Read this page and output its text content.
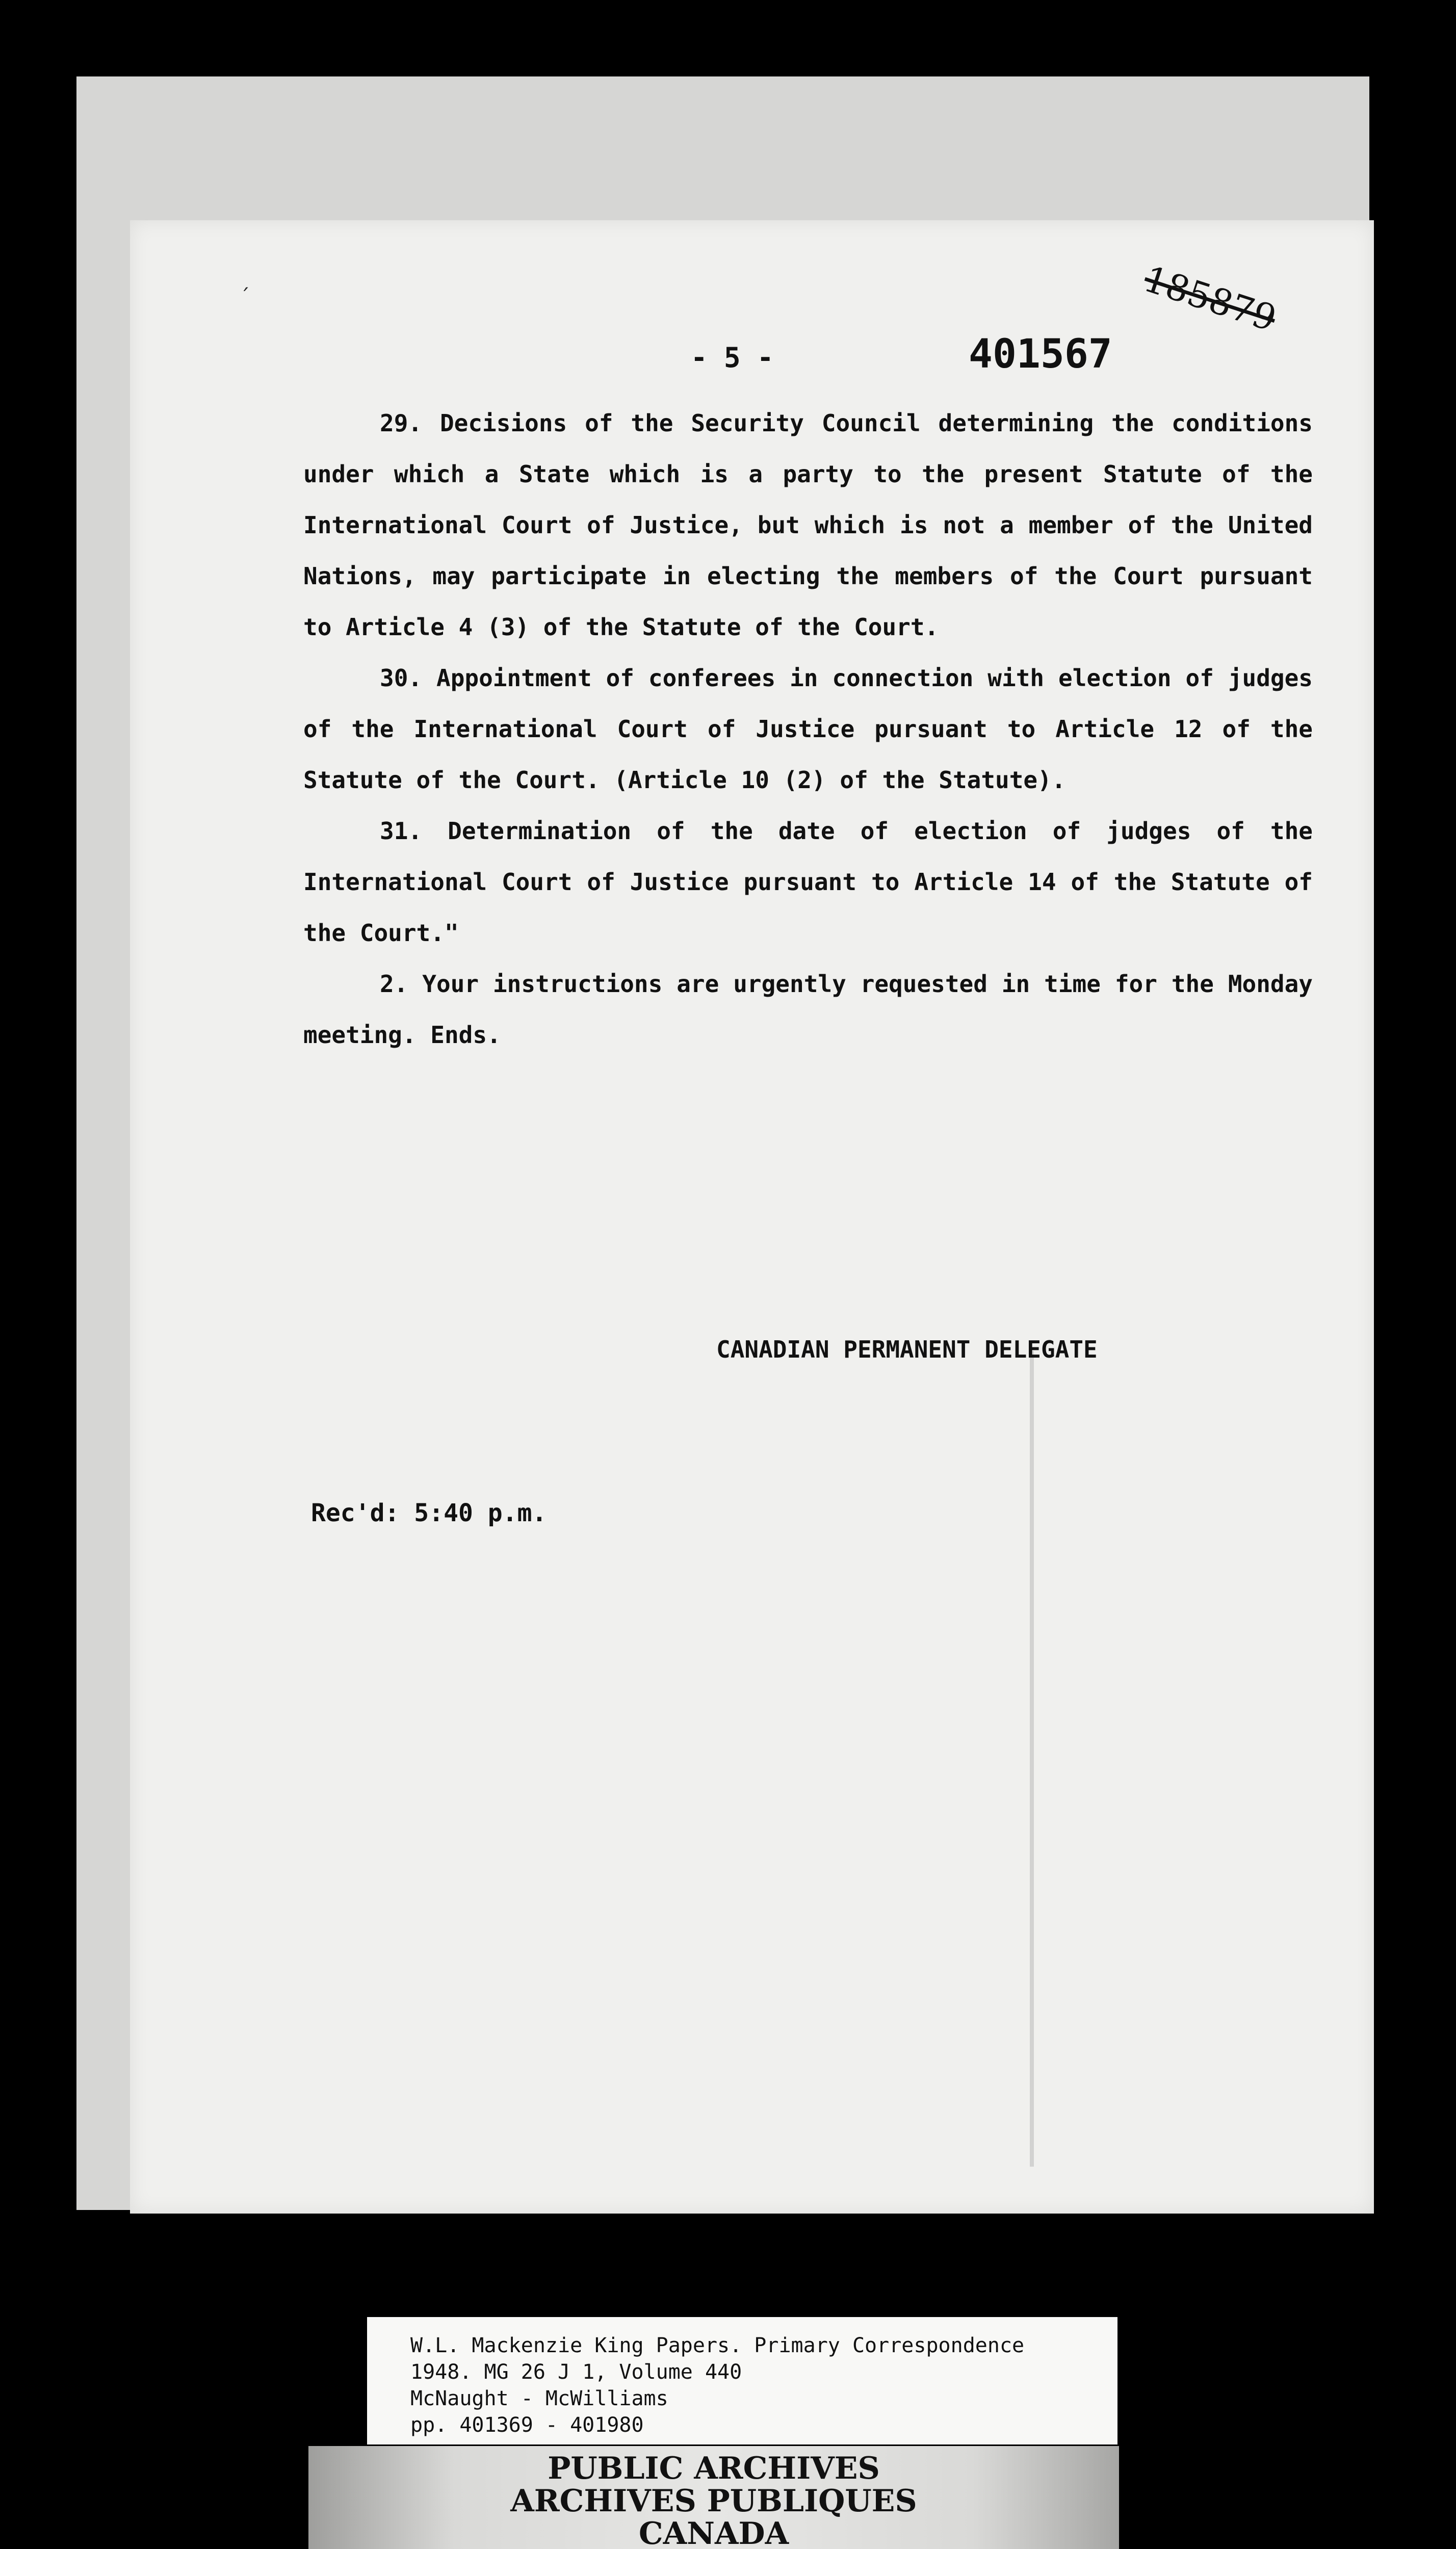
ˊ
- 5 -	401567
185879

29. Decisions of the Security Council determining the conditions under which a State which is a party to the present Statute of the International Court of Justice, but which is not a member of the United Nations, may participate in electing the members of the Court pursuant to Article 4 (3) of the Statute of the Court.

30. Appointment of conferees in connection with election of judges of the International Court of Justice pursuant to Article 12 of the Statute of the Court. (Article 10 (2) of the Statute).

31. Determination of the date of election of judges of the International Court of Justice pursuant to Article 14 of the Statute of the Court."

2. Your instructions are urgently requested in time for the Monday meeting. Ends.

CANADIAN PERMANENT DELEGATE
Rec'd: 5:40 p.m.
W.L. Mackenzie King Papers. Primary Correspondence
1948. MG 26 J 1, Volume 440
McNaught - McWilliams
pp. 401369 - 401980
PUBLIC ARCHIVES
ARCHIVES PUBLIQUES
CANADA
